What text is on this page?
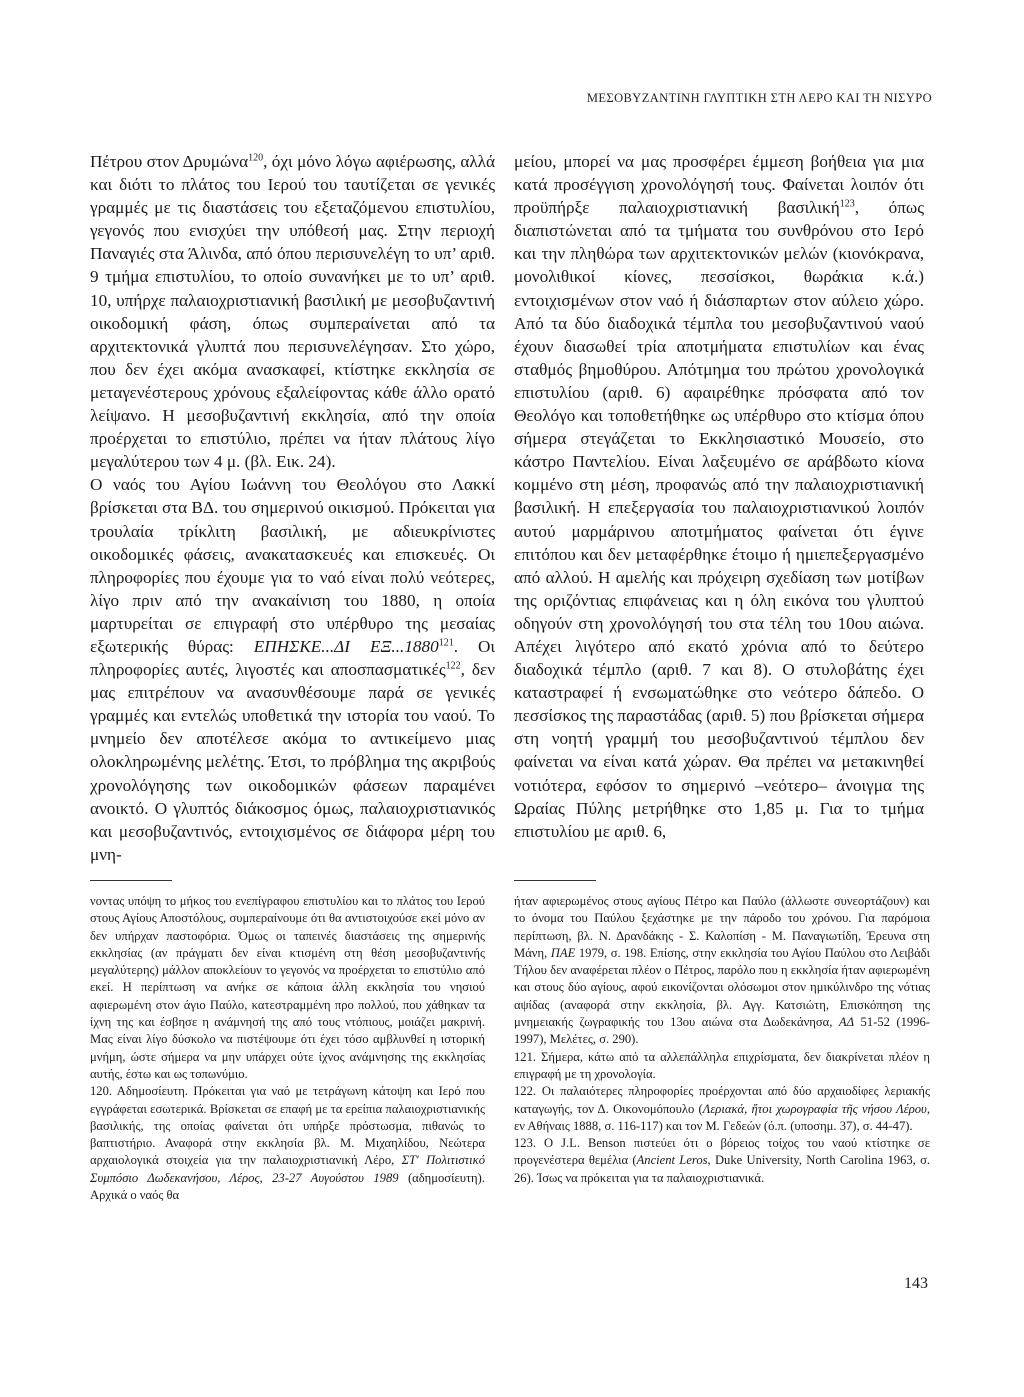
ΜΕΣΟΒΥΖΑΝΤΙΝΗ ΓΛΥΠΤΙΚΗ ΣΤΗ ΛΕΡΟ ΚΑΙ ΤΗ ΝΙΣΥΡΟ

Πέτρου στον Δρυμώνα$^{120}$, όχι μόνο λόγω αφιέρωσης, αλλά και διότι το πλάτος του Ιερού του ταυτίζεται σε γενικές γραμμές με τις διαστάσεις του εξεταζόμενου επιστυλίου, γεγονός που ενισχύει την υπόθεσή μας. Στην περιοχή Παναγιές στα Άλινδα, από όπου περισυνελέγη το υπ’ αριθ. 9 τμήμα επιστυλίου, το οποίο συνανήκει με το υπ’ αριθ. 10, υπήρχε παλαιοχριστιανική βασιλική με μεσοβυζαντινή οικοδομική φάση, όπως συμπεραίνεται από τα αρχιτεκτονικά γλυπτά που περισυνελέγησαν. Στο χώρο, που δεν έχει ακόμα ανασκαφεί, κτίστηκε εκκλησία σε μεταγενέστερους χρόνους εξαλείφοντας κάθε άλλο ορατό λείψανο. Η μεσοβυζαντινή εκκλησία, από την οποία προέρχεται το επιστύλιο, πρέπει να ήταν πλάτους λίγο μεγαλύτερου των 4 μ. (βλ. Εικ. 24).

Ο ναός του Αγίου Ιωάννη του Θεολόγου στο Λακκί βρίσκεται στα ΒΔ. του σημερινού οικισμού. Πρόκειται για τρουλαία τρίκλιτη βασιλική, με αδιευκρίνιστες οικοδομικές φάσεις, ανακατασκευές και επισκευές. Οι πληροφορίες που έχουμε για το ναό είναι πολύ νεότερες, λίγο πριν από την ανακαίνιση του 1880, η οποία μαρτυρείται σε επιγραφή στο υπέρθυρο της μεσαίας εξωτερικής θύρας: ΕΠΗΣΚΕ...ΔΙ ΕΞ...1880$^{121}$. Οι πληροφορίες αυτές, λιγοστές και αποσπασματικές$^{122}$, δεν μας επιτρέπουν να ανασυνθέσουμε παρά σε γενικές γραμμές και εντελώς υποθετικά την ιστορία του ναού. Το μνημείο δεν αποτέλεσε ακόμα το αντικείμενο μιας ολοκληρωμένης μελέτης. Έτσι, το πρόβλημα της ακριβούς χρονολόγησης των οικοδομικών φάσεων παραμένει ανοικτό. Ο γλυπτός διάκοσμος όμως, παλαιοχριστιανικός και μεσοβυζαντινός, εντοιχισμένος σε διάφορα μέρη του μνη-

μείου, μπορεί να μας προσφέρει έμμεση βοήθεια για μια κατά προσέγγιση χρονολόγησή τους. Φαίνεται λοιπόν ότι προϋπήρξε παλαιοχριστιανική βασιλική$^{123}$, όπως διαπιστώνεται από τα τμήματα του συνθρόνου στο Ιερό και την πληθώρα των αρχιτεκτονικών μελών (κιονόκρανα, μονολιθικοί κίονες, πεσσίσκοι, θωράκια κ.ά.) εντοιχισμένων στον ναό ή διάσπαρτων στον αύλειο χώρο. Από τα δύο διαδοχικά τέμπλα του μεσοβυζαντινού ναού έχουν διασωθεί τρία αποτμήματα επιστυλίων και ένας σταθμός βημοθύρου. Απότμημα του πρώτου χρονολογικά επιστυλίου (αριθ. 6) αφαιρέθηκε πρόσφατα από τον Θεολόγο και τοποθετήθηκε ως υπέρθυρο στο κτίσμα όπου σήμερα στεγάζεται το Εκκλησιαστικό Μουσείο, στο κάστρο Παντελίου. Είναι λαξευμένο σε αράβδωτο κίονα κομμένο στη μέση, προφανώς από την παλαιοχριστιανική βασιλική. Η επεξεργασία του παλαιοχριστιανικού λοιπόν αυτού μαρμάρινου αποτμήματος φαίνεται ότι έγινε επιτόπου και δεν μεταφέρθηκε έτοιμο ή ημιεπεξεργασμένο από αλλού. Η αμελής και πρόχειρη σχεδίαση των μοτίβων της οριζόντιας επιφάνειας και η όλη εικόνα του γλυπτού οδηγούν στη χρονολόγησή του στα τέλη του 10ου αιώνα. Απέχει λιγότερο από εκατό χρόνια από το δεύτερο διαδοχικά τέμπλο (αριθ. 7 και 8). Ο στυλοβάτης έχει καταστραφεί ή ενσωματώθηκε στο νεότερο δάπεδο. Ο πεσσίσκος της παραστάδας (αριθ. 5) που βρίσκεται σήμερα στη νοητή γραμμή του μεσοβυζαντινού τέμπλου δεν φαίνεται να είναι κατά χώραν. Θα πρέπει να μετακινηθεί νοτιότερα, εφόσον το σημερινό –νεότερο– άνοιγμα της Ωραίας Πύλης μετρήθηκε στο 1,85 μ. Για το τμήμα επιστυλίου με αριθ. 6,

νοντας υπόψη το μήκος του ενεπίγραφου επιστυλίου και το πλάτος του Ιερού στους Αγίους Αποστόλους, συμπεραίνουμε ότι θα αντιστοιχούσε εκεί μόνο αν δεν υπήρχαν παστοφόρια. Όμως οι ταπεινές διαστάσεις της σημερινής εκκλησίας (αν πράγματι δεν είναι κτισμένη στη θέση μεσοβυζαντινής μεγαλύτερης) μάλλον αποκλείουν το γεγονός να προέρχεται το επιστύλιο από εκεί. Η περίπτωση να ανήκε σε κάποια άλλη εκκλησία του νησιού αφιερωμένη στον άγιο Παύλο, κατεστραμμένη προ πολλού, που χάθηκαν τα ίχνη της και έσβησε η ανάμνησή της από τους ντόπιους, μοιάζει μακρινή. Μας είναι λίγο δύσκολο να πιστέψουμε ότι έχει τόσο αμβλυνθεί η ιστορική μνήμη, ώστε σήμερα να μην υπάρχει ούτε ίχνος ανάμνησης της εκκλησίας αυτής, έστω και ως τοπωνύμιο.

120. Αδημοσίευτη. Πρόκειται για ναό με τετράγωνη κάτοψη και Ιερό που εγγράφεται εσωτερικά. Βρίσκεται σε επαφή με τα ερείπια παλαιοχριστιανικής βασιλικής, της οποίας φαίνεται ότι υπήρξε πρόστωσμα, πιθανώς το βαπτιστήριο. Αναφορά στην εκκλησία βλ. Μ. Μιχαηλίδου, Νεώτερα αρχαιολογικά στοιχεία για την παλαιοχριστιανική Λέρο, ΣΤ′ Πολιτιστικό Συμπόσιο Δωδεκανήσου, Λέρος, 23-27 Αυγούστου 1989 (αδημοσίευτη). Αρχικά ο ναός θα

ήταν αφιερωμένος στους αγίους Πέτρο και Παύλο (άλλωστε συνεορτάζουν) και το όνομα του Παύλου ξεχάστηκε με την πάροδο του χρόνου. Για παρόμοια περίπτωση, βλ. Ν. Δρανδάκης - Σ. Καλοπίση - Μ. Παναγιωτίδη, Έρευνα στη Μάνη, ΠΑΕ 1979, σ. 198. Επίσης, στην εκκλησία του Αγίου Παύλου στο Λειβάδι Τήλου δεν αναφέρεται πλέον ο Πέτρος, παρόλο που η εκκλησία ήταν αφιερωμένη και στους δύο αγίους, αφού εικονίζονται ολόσωμοι στον ημικύλινδρο της νότιας αψίδας (αναφορά στην εκκλησία, βλ. Αγγ. Κατσιώτη, Επισκόπηση της μνημειακής ζωγραφικής του 13ου αιώνα στα Δωδεκάνησα, ΑΔ 51-52 (1996-1997), Μελέτες, σ. 290).

121. Σήμερα, κάτω από τα αλλεπάλληλα επιχρίσματα, δεν διακρίνεται πλέον η επιγραφή με τη χρονολογία.

122. Οι παλαιότερες πληροφορίες προέρχονται από δύο αρχαιοδίφες λεριακής καταγωγής, τον Δ. Οικονομόπουλο (Λεριακά, ἤτοι χωρογραφία τῆς νήσου Λέρου, εν Αθήναις 1888, σ. 116-117) και τον Μ. Γεδεών (ό.π. (υποσημ. 37), σ. 44-47).

123. Ο J.L. Benson πιστεύει ότι ο βόρειος τοίχος του ναού κτίστηκε σε προγενέστερα θεμέλια (Ancient Leros, Duke University, North Carolina 1963, σ. 26). Ίσως να πρόκειται για τα παλαιοχριστιανικά.

143
